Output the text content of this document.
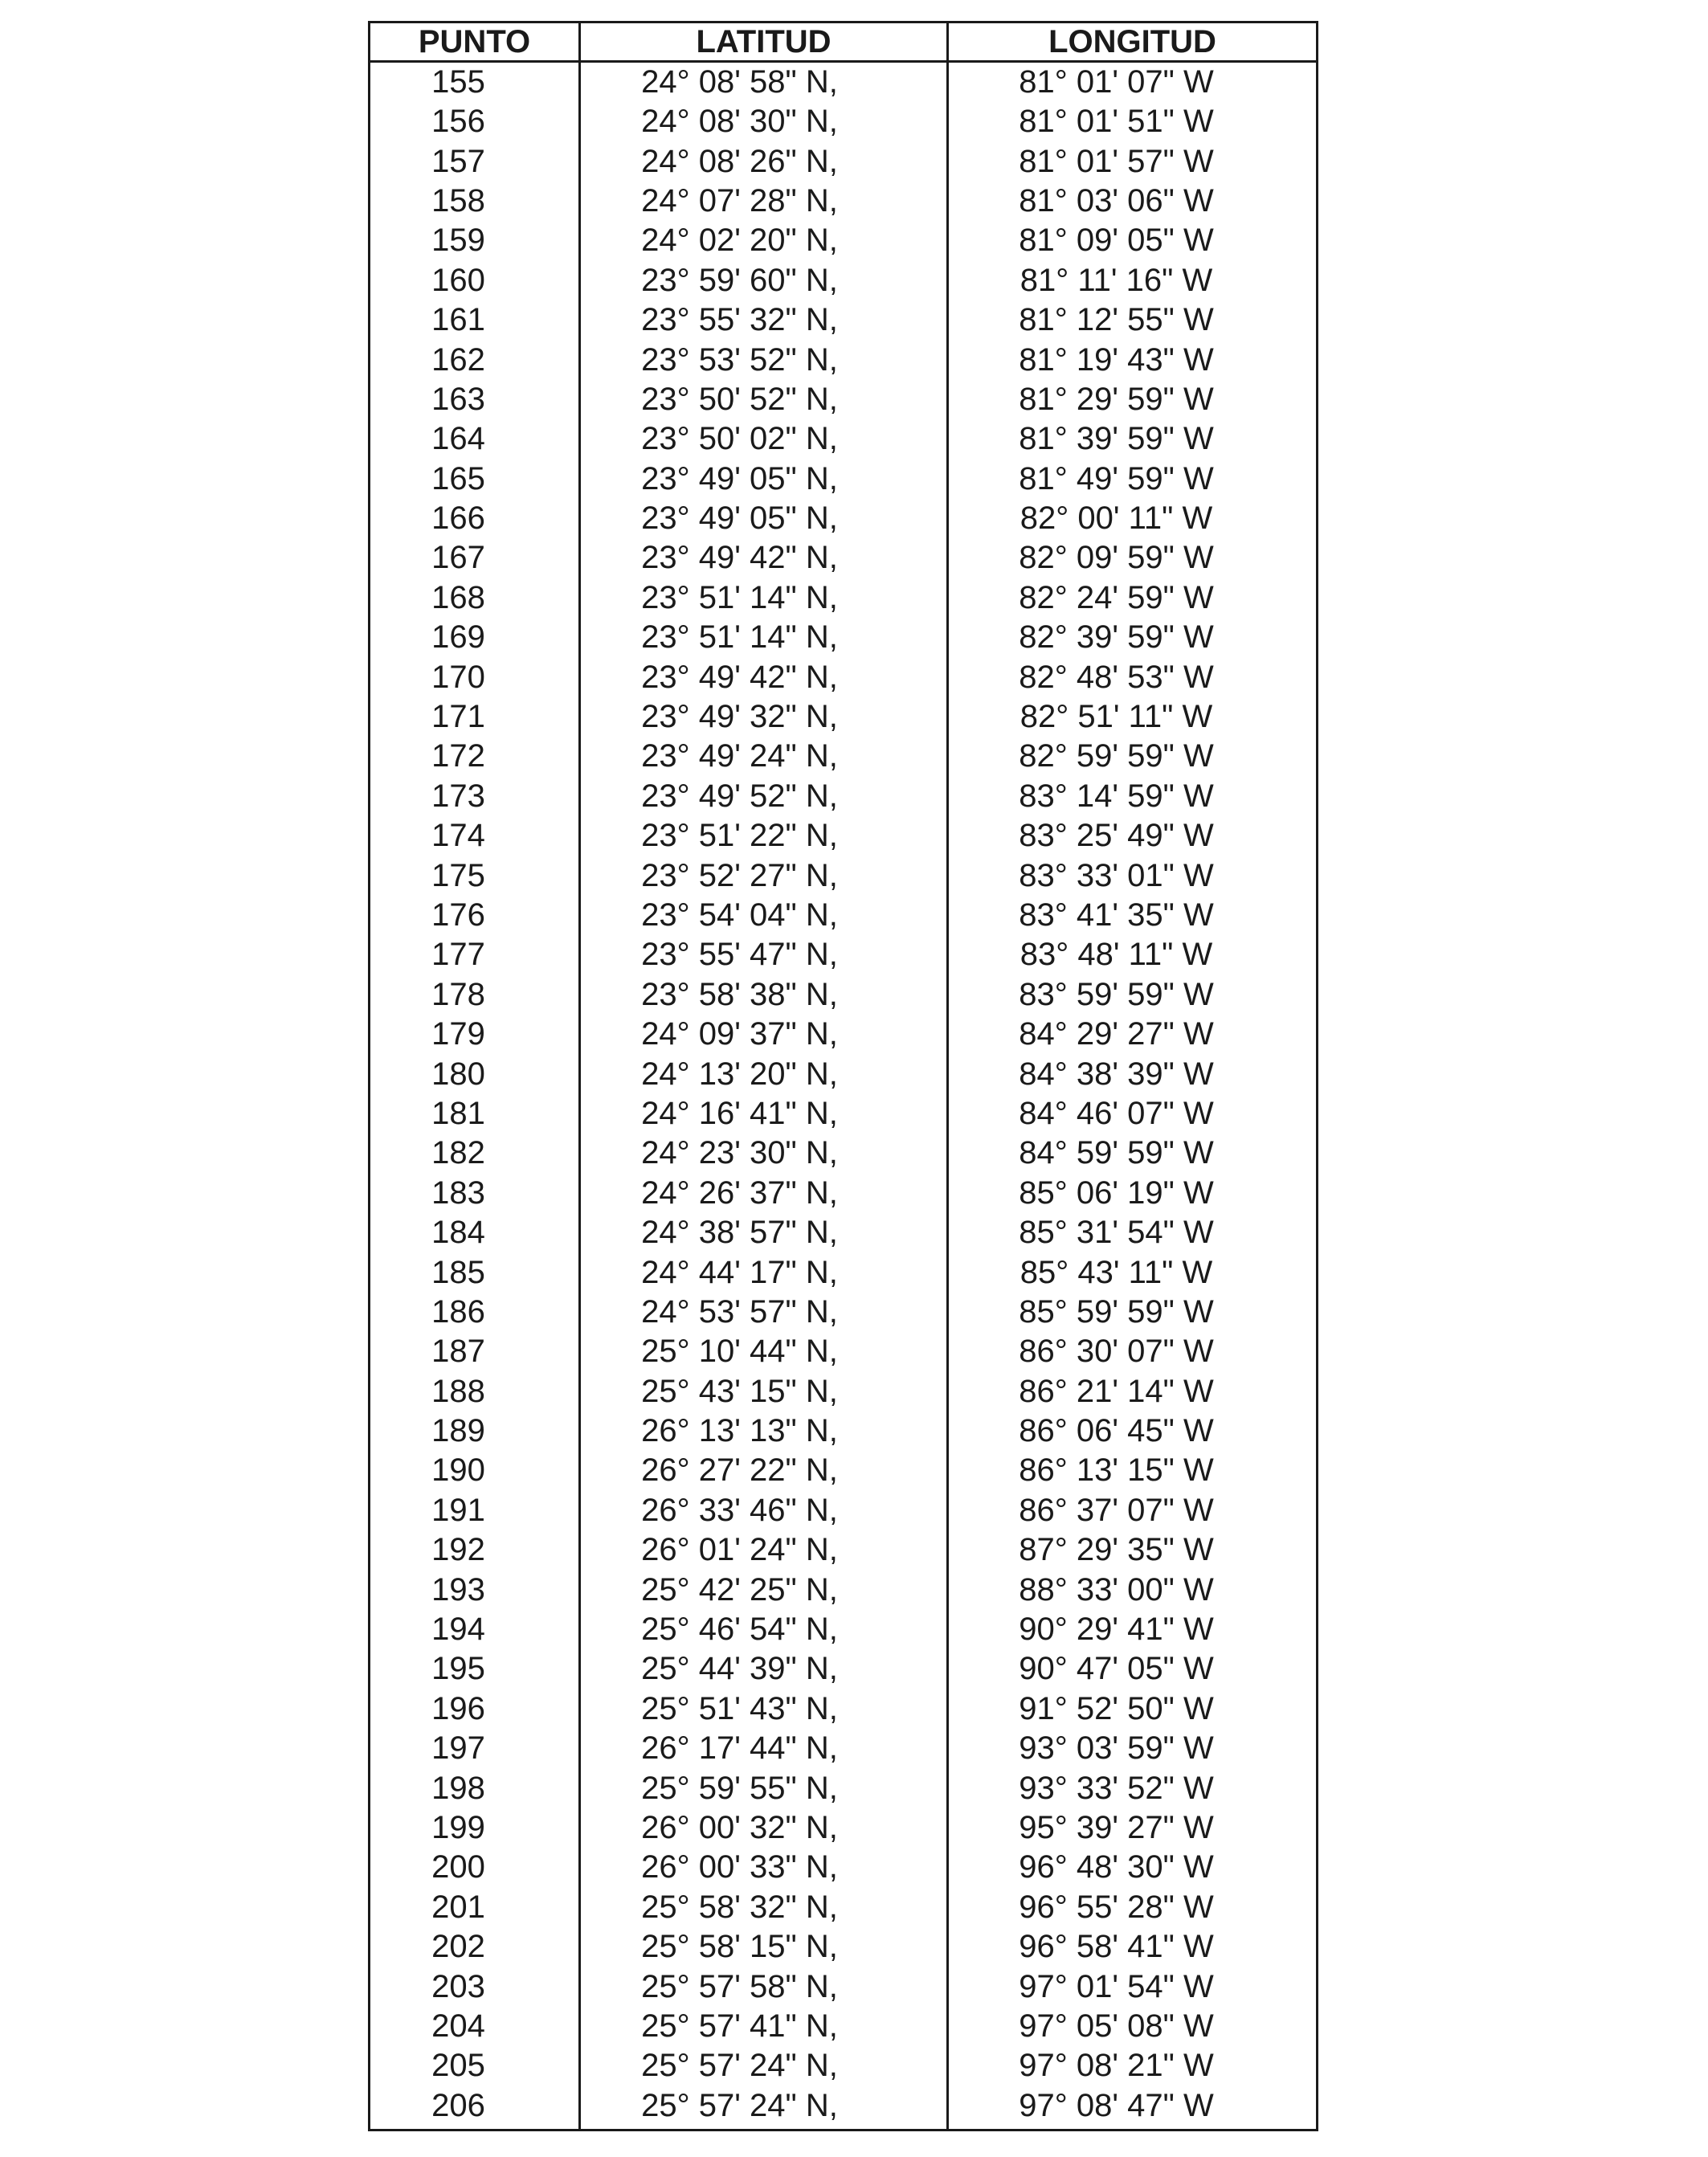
PUNTO	LATITUD	LONGITUD
155	24° 08' 58" N,	81° 01' 07" W
156	24° 08' 30" N,	81° 01' 51" W
157	24° 08' 26" N,	81° 01' 57" W
158	24° 07' 28" N,	81° 03' 06" W
159	24° 02' 20" N,	81° 09' 05" W
160	23° 59' 60" N,	81° 11' 16" W
161	23° 55' 32" N,	81° 12' 55" W
162	23° 53' 52" N,	81° 19' 43" W
163	23° 50' 52" N,	81° 29' 59" W
164	23° 50' 02" N,	81° 39' 59" W
165	23° 49' 05" N,	81° 49' 59" W
166	23° 49' 05" N,	82° 00' 11" W
167	23° 49' 42" N,	82° 09' 59" W
168	23° 51' 14" N,	82° 24' 59" W
169	23° 51' 14" N,	82° 39' 59" W
170	23° 49' 42" N,	82° 48' 53" W
171	23° 49' 32" N,	82° 51' 11" W
172	23° 49' 24" N,	82° 59' 59" W
173	23° 49' 52" N,	83° 14' 59" W
174	23° 51' 22" N,	83° 25' 49" W
175	23° 52' 27" N,	83° 33' 01" W
176	23° 54' 04" N,	83° 41' 35" W
177	23° 55' 47" N,	83° 48' 11" W
178	23° 58' 38" N,	83° 59' 59" W
179	24° 09' 37" N,	84° 29' 27" W
180	24° 13' 20" N,	84° 38' 39" W
181	24° 16' 41" N,	84° 46' 07" W
182	24° 23' 30" N,	84° 59' 59" W
183	24° 26' 37" N,	85° 06' 19" W
184	24° 38' 57" N,	85° 31' 54" W
185	24° 44' 17" N,	85° 43' 11" W
186	24° 53' 57" N,	85° 59' 59" W
187	25° 10' 44" N,	86° 30' 07" W
188	25° 43' 15" N,	86° 21' 14" W
189	26° 13' 13" N,	86° 06' 45" W
190	26° 27' 22" N,	86° 13' 15" W
191	26° 33' 46" N,	86° 37' 07" W
192	26° 01' 24" N,	87° 29' 35" W
193	25° 42' 25" N,	88° 33' 00" W
194	25° 46' 54" N,	90° 29' 41" W
195	25° 44' 39" N,	90° 47' 05" W
196	25° 51' 43" N,	91° 52' 50" W
197	26° 17' 44" N,	93° 03' 59" W
198	25° 59' 55" N,	93° 33' 52" W
199	26° 00' 32" N,	95° 39' 27" W
200	26° 00' 33" N,	96° 48' 30" W
201	25° 58' 32" N,	96° 55' 28" W
202	25° 58' 15" N,	96° 58' 41" W
203	25° 57' 58" N,	97° 01' 54" W
204	25° 57' 41" N,	97° 05' 08" W
205	25° 57' 24" N,	97° 08' 21" W
206	25° 57' 24" N,	97° 08' 47" W
